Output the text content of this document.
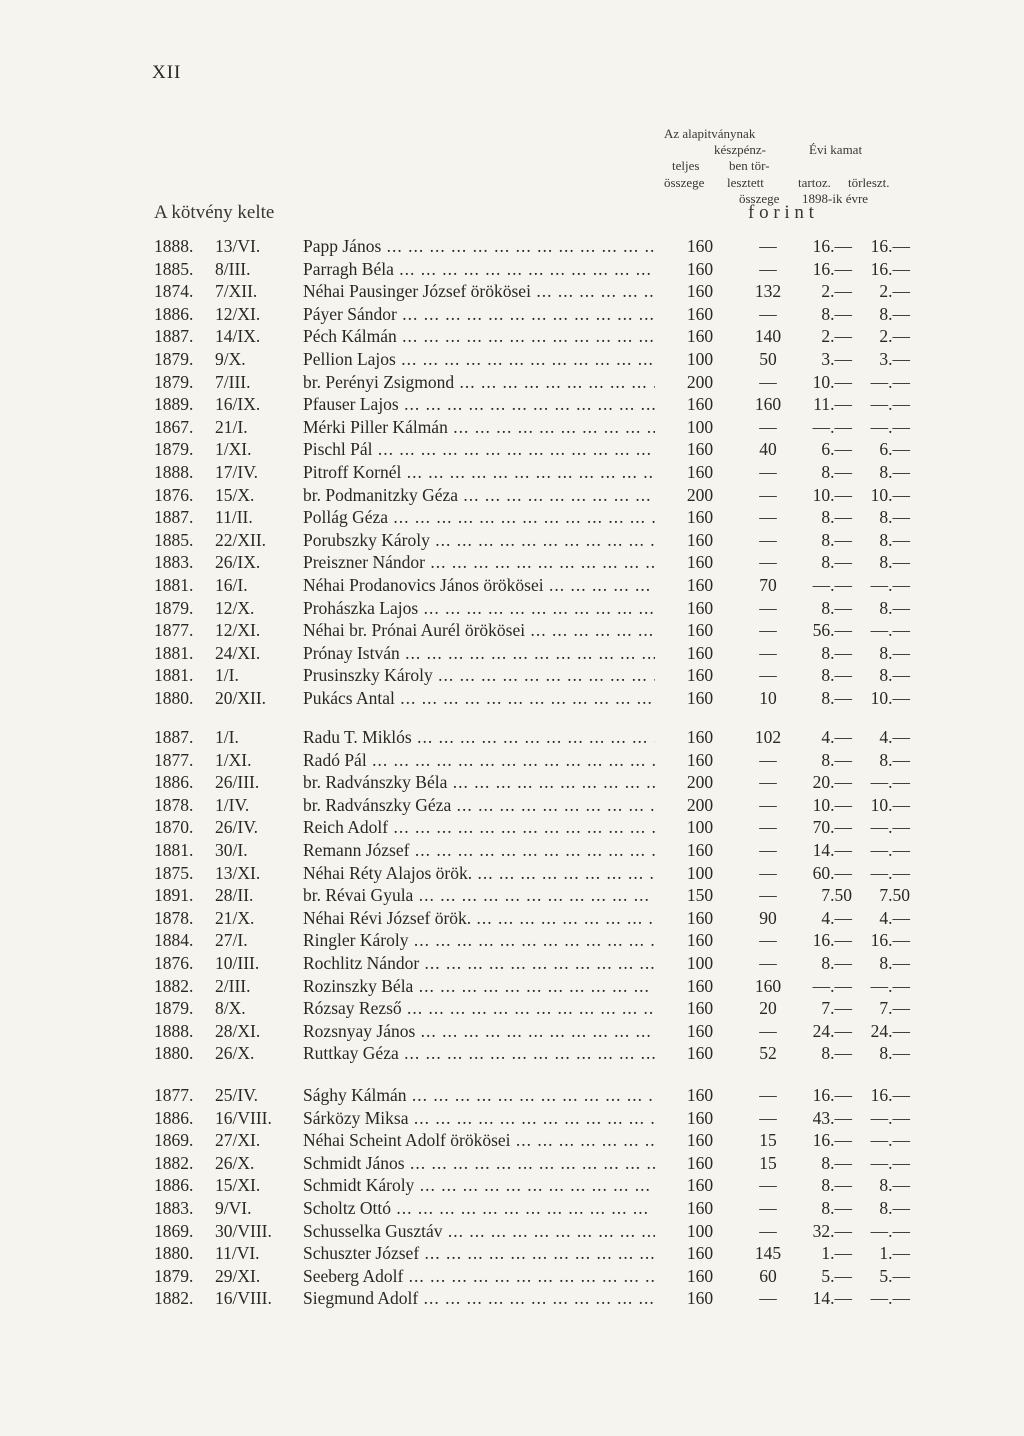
XII
Az alapitványnak
készpénz-	Évi kamat
teljes ben tör-
összege lesztett	tartoz. törleszt.
összege 1898-ik évre
A kötvény kelte	f o r i n t
1888. 13/VI. Papp János ... .	160	—	16.—	16.—
1885. 8/III.	Parragh Béla ... .	160	—	16.—	16.—
1874. 7/XII.	Néhai Pausinger József örökösei ... .	160 132	2.—	2.—
1886. 12/XI. Páyer Sándor ... .	160	—	8.—	8.—
1887. 14/IX. Péch Kálmán ... .	160 140	2.—	2.—
1879. 9/X.	Pellion Lajos ... .	100	50	3.—	3.—
1879. 7/III.	br. Perényi Zsigmond ... .	200	—	10.—	—.—
1889. 16/IX. Pfauser Lajos ... .	160 160	11.—	—.—
1867. 21/I.	Mérki Piller Kálmán ... .	100	—	—.—	—.—
1879. 1/XI.	Pischl Pál ... .	160	40	6.—	6.—
1888. 17/IV.	Pitroff Kornél ... .	160	—	8.—	8.—
1876. 15/X.	br. Podmanitzky Géza ... .	200	—	10.—	10.—
1887. 11/II.	Pollág Géza ... .	160	—	8.—	8.—
1885. 22/XII. Porubszky Károly ... .	160	—	8.—	8.—
1883. 26/IX. Preiszner Nándor ... .	160	—	8.—	8.—
1881. 16/I.	Néhai Prodanovics János örökösei ... .	160	70	—.—	—.—
1879. 12/X.	Prohászka Lajos ... .	160	—	8.—	8.—
1877. 12/XI. Néhai br. Prónai Aurél örökösei ... .	160	—	56.—	—.—
1881. 24/XI. Prónay István ... .	160	—	8.—	8.—
1881. 1/I.	Prusinszky Károly ... .	160	—	8.—	8.—
1880. 20/XII. Pukács Antal ... .	160	10	8.—	10.—
1887. 1/I.	Radu T. Miklós ... .	160 102	4.—	4.—
1877. 1/XI.	Radó Pál ... .	160	—	8.—	8.—
1886. 26/III.	br. Radvánszky Béla ... .	200	—	20.—	—.—
1878. 1/IV.	br. Radvánszky Géza ... .	200	—	10.—	10.—
1870. 26/IV.	Reich Adolf ... .	100	—	70.—	—.—
1881. 30/I.	Remann József ... .	160	—	14.—	—.—
1875. 13/XI. Néhai Réty Alajos örök. ... .	100	—	60.—	—.—
1891. 28/II.	br. Révai Gyula ... .	150	—	7.50	7.50
1878. 21/X.	Néhai Révi József örök. ... .	160	90	4.—	4.—
1884. 27/I.	Ringler Károly ... .	160	—	16.—	16.—
1876. 10/III.	Rochlitz Nándor ... .	100	—	8.—	8.—
1882. 2/III.	Rozinszky Béla ... .	160 160	—.—	—.—
1879. 8/X.	Rózsay Rezső ... .	160	20	7.—	7.—
1888. 28/XI. Rozsnyay János ... .	160	—	24.—	24.—
1880. 26/X.	Ruttkay Géza ... .	160	52	8.—	8.—
1877. 25/IV.	Sághy Kálmán ... .	160	—	16.—	16.—
1886. 16/VIII. Sárközy Miksa ... .	160	—	43.—	—.—
1869. 27/XI. Néhai Scheint Adolf örökösei ... .	160	15	16.—	—.—
1882. 26/X.	Schmidt János ... .	160	15	8.—	—.—
1886. 15/XI. Schmidt Károly ... .	160	—	8.—	8.—
1883. 9/VI.	Scholtz Ottó ... .	160	—	8.—	8.—
1869. 30/VIII. Schusselka Gusztáv ... .	100	—	32.—	—.—
1880. 11/VI. Schuszter József ... .	160 145	1.—	1.—
1879. 29/XI. Seeberg Adolf ... .	160	60	5.—	5.—
1882. 16/VIII. Siegmund Adolf ... .	160	—	14.—	—.—
